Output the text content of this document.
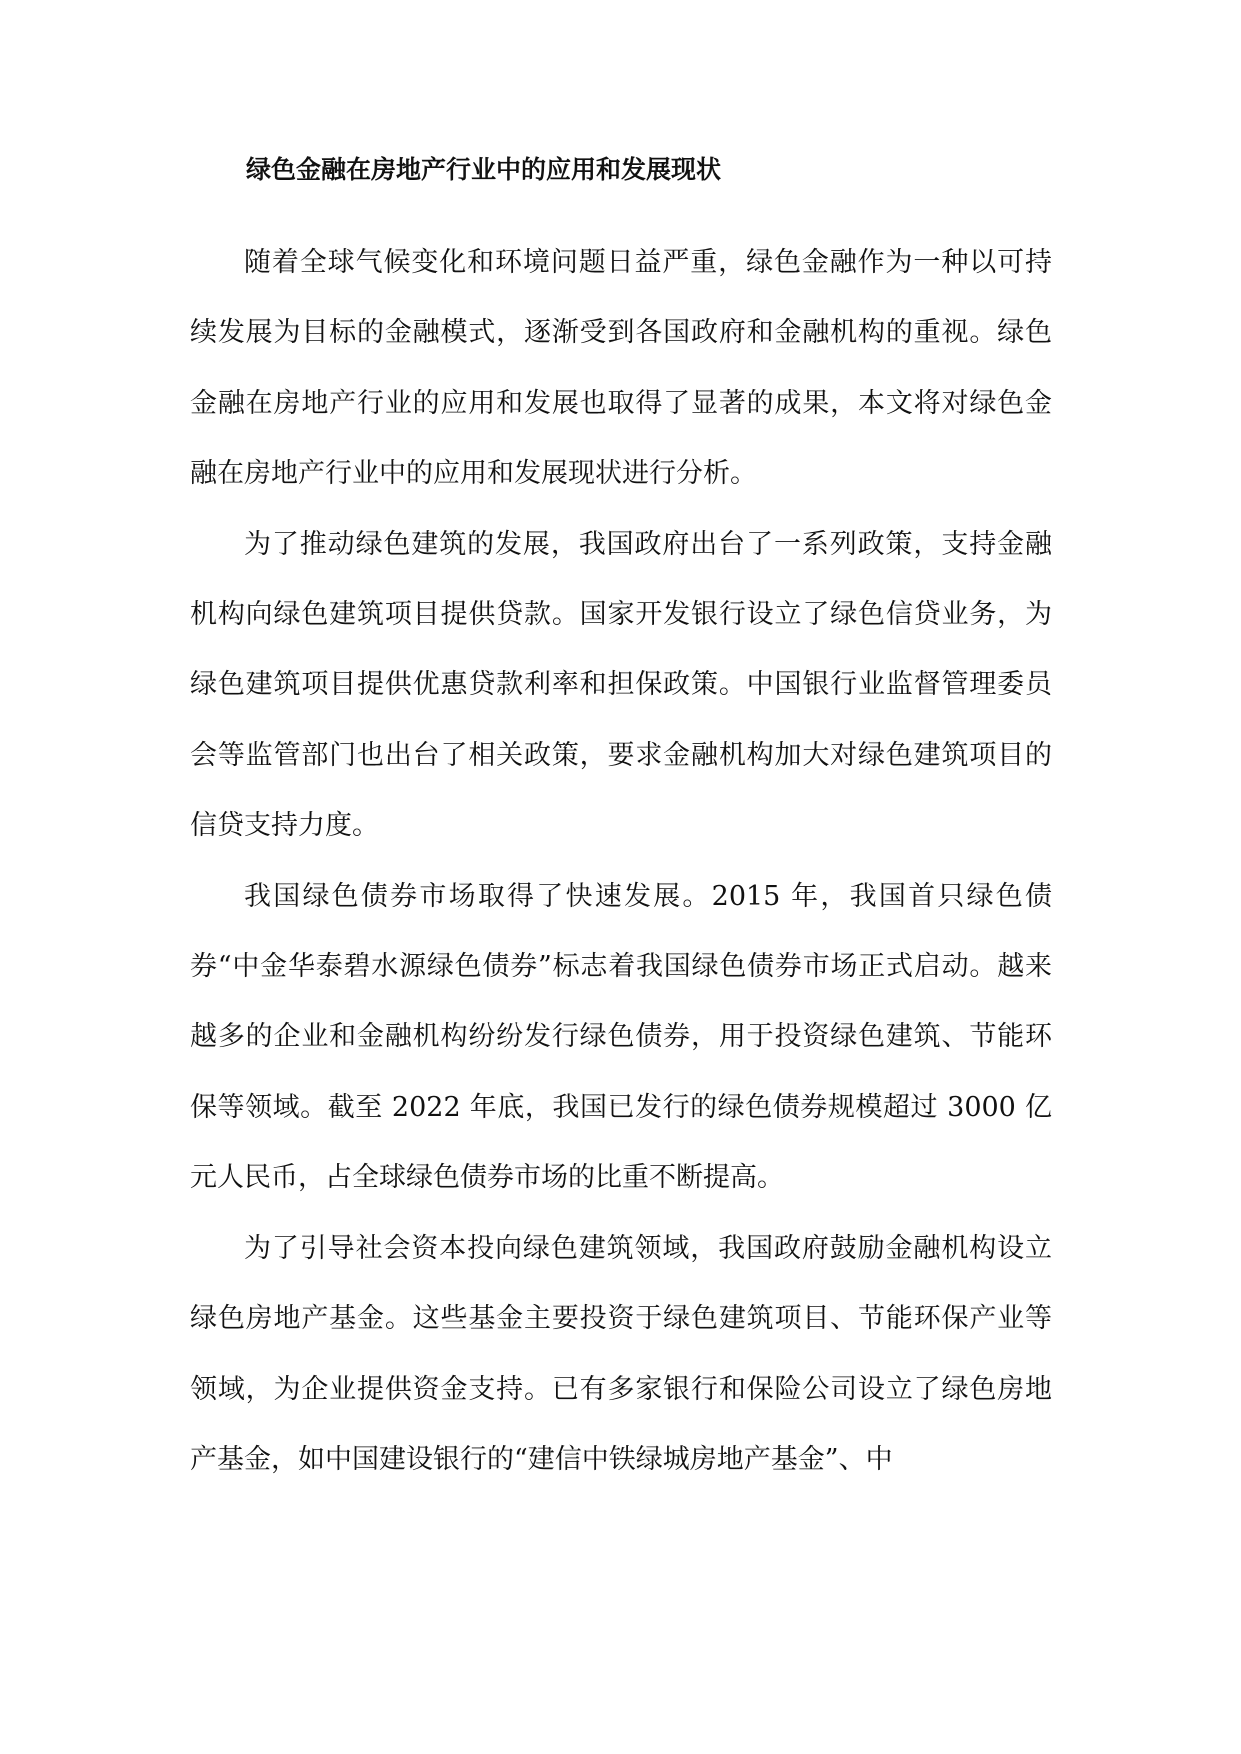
绿色金融在房地产行业中的应用和发展现状

随着全球气候变化和环境问题日益严重，绿色金融作为一种以可持续发展为目标的金融模式，逐渐受到各国政府和金融机构的重视。绿色金融在房地产行业的应用和发展也取得了显著的成果，本文将对绿色金融在房地产行业中的应用和发展现状进行分析。

为了推动绿色建筑的发展，我国政府出台了一系列政策，支持金融机构向绿色建筑项目提供贷款。国家开发银行设立了绿色信贷业务，为绿色建筑项目提供优惠贷款利率和担保政策。中国银行业监督管理委员会等监管部门也出台了相关政策，要求金融机构加大对绿色建筑项目的信贷支持力度。

我国绿色债券市场取得了快速发展。2015 年，我国首只绿色债券“中金华泰碧水源绿色债券”标志着我国绿色债券市场正式启动。越来越多的企业和金融机构纷纷发行绿色债券，用于投资绿色建筑、节能环保等领域。截至 2022 年底，我国已发行的绿色债券规模超过 3000 亿元人民币，占全球绿色债券市场的比重不断提高。

为了引导社会资本投向绿色建筑领域，我国政府鼓励金融机构设立绿色房地产基金。这些基金主要投资于绿色建筑项目、节能环保产业等领域，为企业提供资金支持。已有多家银行和保险公司设立了绿色房地产基金，如中国建设银行的“建信中铁绿城房地产基金”、中
